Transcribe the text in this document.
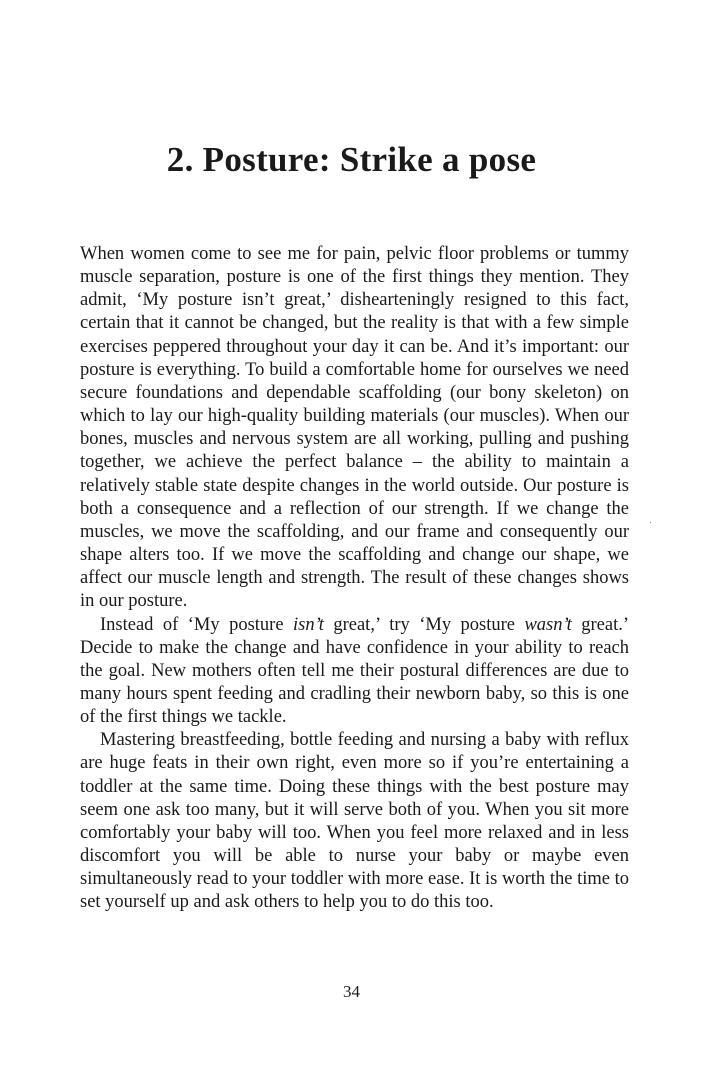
2. Posture: Strike a pose

When women come to see me for pain, pelvic floor problems or tummy muscle separation, posture is one of the first things they mention. They admit, ‘My posture isn’t great,’ dishearteningly resigned to this fact, certain that it cannot be changed, but the reality is that with a few simple exercises peppered throughout your day it can be. And it’s important: our posture is everything. To build a comfortable home for ourselves we need secure foundations and dependable scaffolding (our bony skeleton) on which to lay our high-quality building materials (our muscles). When our bones, muscles and nervous system are all working, pulling and pushing together, we achieve the perfect balance – the ability to maintain a relatively stable state despite changes in the world outside. Our posture is both a consequence and a reflection of our strength. If we change the muscles, we move the scaffolding, and our frame and consequently our shape alters too. If we move the scaffolding and change our shape, we affect our muscle length and strength. The result of these changes shows in our posture.

Instead of ‘My posture isn’t great,’ try ‘My posture wasn’t great.’ Decide to make the change and have confidence in your ability to reach the goal. New mothers often tell me their postural differences are due to many hours spent feeding and cradling their newborn baby, so this is one of the first things we tackle.

Mastering breastfeeding, bottle feeding and nursing a baby with reflux are huge feats in their own right, even more so if you’re entertaining a toddler at the same time. Doing these things with the best posture may seem one ask too many, but it will serve both of you. When you sit more comfortably your baby will too. When you feel more relaxed and in less discomfort you will be able to nurse your baby or maybe even simultaneously read to your toddler with more ease. It is worth the time to set yourself up and ask others to help you to do this too.

34
